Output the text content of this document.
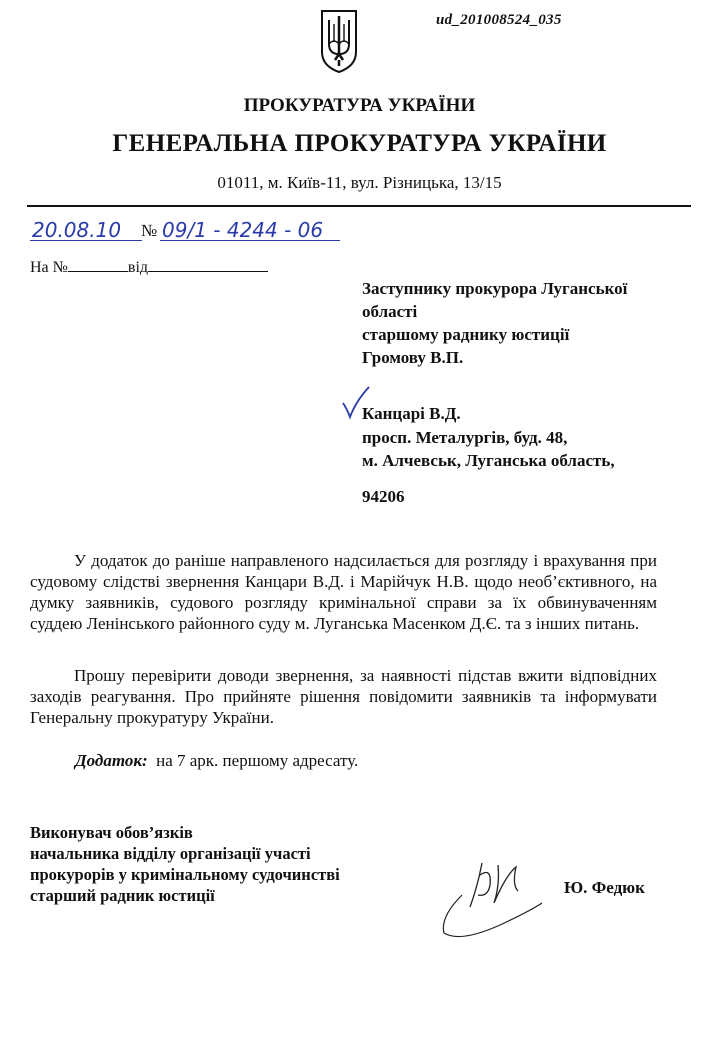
ud_201008524_035
ПРОКУРАТУРА УКРАЇНИ
ГЕНЕРАЛЬНА ПРОКУРАТУРА УКРАЇНИ
01011, м. Київ-11, вул. Різницька, 13/15
20.08.10 № 09/1 - 4244 - 06
На №	від
Заступнику прокурора Луганської
області
старшому раднику юстиції
Громову В.П.
Канцарі В.Д.
просп. Металургів, буд. 48,
м. Алчевськ, Луганська область,
94206
У додаток до раніше направленого надсилається для розгляду і врахування при судовому слідстві звернення Канцари В.Д. і Марійчук Н.В. щодо необ’єктивного, на думку заявників, судового розгляду кримінальної справи за їх обвинуваченням суддею Ленінського районного суду м. Луганська Масенком Д.Є. та з інших питань.
Прошу перевірити доводи звернення, за наявності підстав вжити відповідних заходів реагування. Про прийняте рішення повідомити заявників та інформувати Генеральну прокуратуру України.
Додаток: на 7 арк. першому адресату.
Виконувач обов’язків
начальника відділу організації участі
прокурорів у кримінальному судочинстві
старший радник юстиції	Ю. Федюк
